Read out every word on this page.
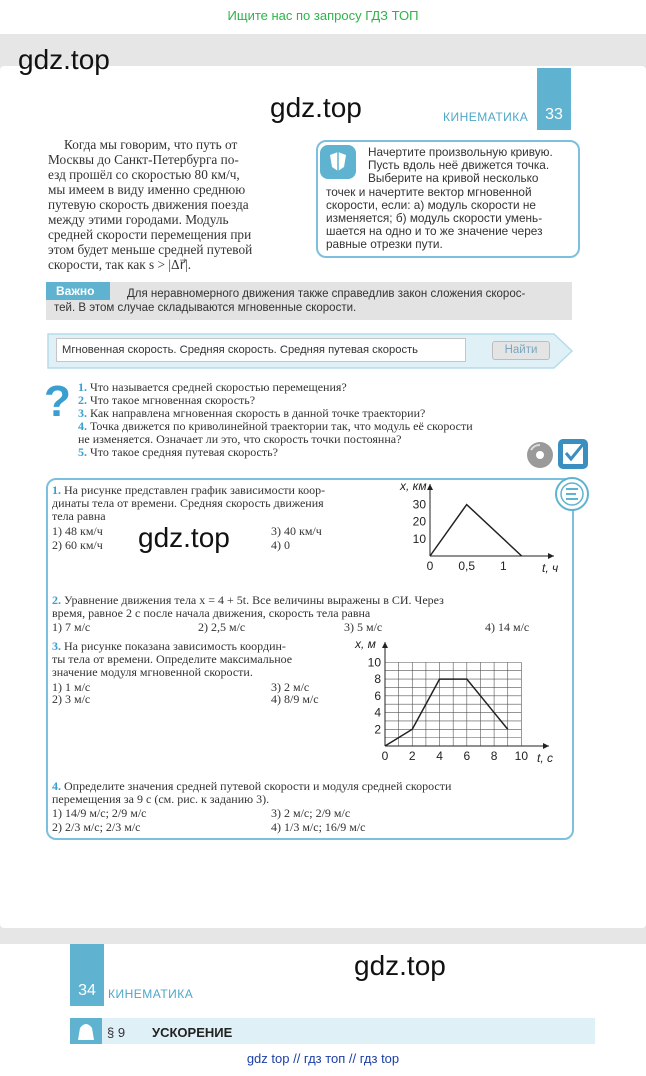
Ищите нас по запросу ГДЗ ТОП
gdz.top
gdz.top	КИНЕМАТИКА	33
Когда мы говорим, что путь от
Москвы до Санкт-Петербурга по-
езд прошёл со скоростью 80 км/ч,
мы имеем в виду именно среднюю
путевую скорость движения поезда
между этими городами. Модуль
средней скорости перемещения при
этом будет меньше средней путевой
скорости, так как s > |Δr⃗|.
Начертите произвольную кривую.
Пусть вдоль неё движется точка.
Выберите на кривой несколько
точек и начертите вектор мгновенной
скорости, если: а) модуль скорости не
изменяется; б) модуль скорости умень-
шается на одно и то же значение через
равные отрезки пути.
Важно	Для неравномерного движения также справедлив закон сложения скорос-
тей. В этом случае складываются мгновенные скорости.
Мгновенная скорость. Средняя скорость. Средняя путевая скорость	Найти
? 1. Что называется средней скоростью перемещения?
2. Что такое мгновенная скорость?
3. Как направлена мгновенная скорость в данной точке траектории?
4. Точка движется по криволинейной траектории так, что модуль её скорости
не изменяется. Означает ли это, что скорость точки постоянна?
5. Что такое средняя путевая скорость?
1. На рисунке представлен график зависимости коор-
динаты тела от времени. Средняя скорость движения
тела равна
1) 48 км/ч
2) 60 км/ч
3) 40 км/ч
4) 0
gdz.top
0 0,5 1
10
20
30
t, ч
x, км
2. Уравнение движения тела x = 4 + 5t. Все величины выражены в СИ. Через
время, равное 2 с после начала движения, скорость тела равна
1) 7 м/с	2) 2,5 м/с	3) 5 м/с	4) 14 м/с
3. На рисунке показана зависимость координ-
ты тела от времени. Определите максимальное
значение модуля мгновенной скорости.
1) 1 м/с
2) 3 м/с
3) 2 м/с
4) 8/9 м/с
0 2 4 6 8 10
2
4
6
8
10
t, с
x, м
4. Определите значения средней путевой скорости и модуля средней скорости
перемещения за 9 с (см. рис. к заданию 3).
1) 14/9 м/с; 2/9 м/с
2) 2/3 м/с; 2/3 м/с
3) 2 м/с; 2/9 м/с
4) 1/3 м/с; 16/9 м/с
34	КИНЕМАТИКА
gdz.top
§ 9 УСКОРЕНИЕ
gdz top // гдз топ // гдз top
